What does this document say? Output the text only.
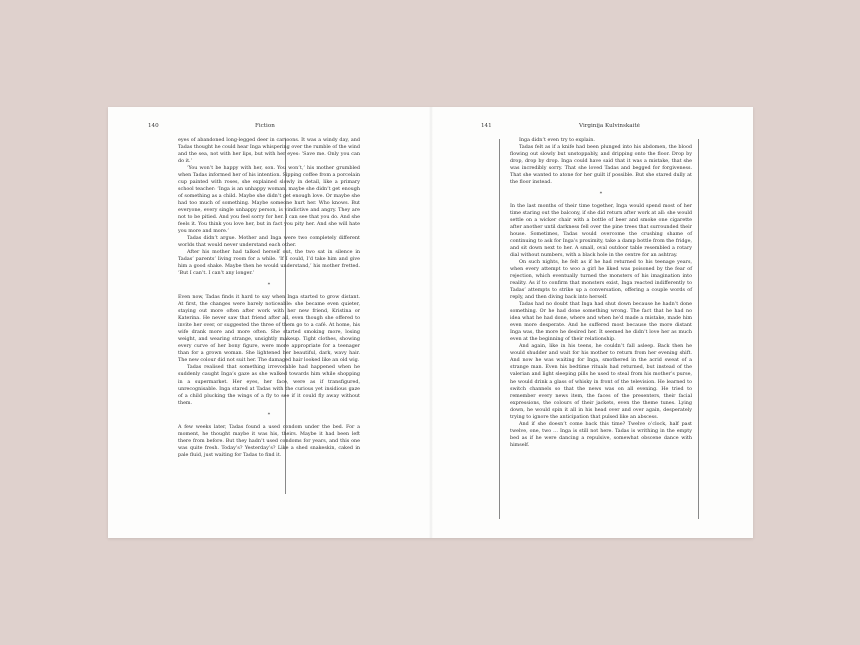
140	Fiction

eyes of abandoned long-legged deer in cartoons. It was a windy day, and Tadas thought he could hear Inga whispering over the rumble of the wind and the sea, not with her lips, but with her eyes: ‘Save me. Only you can do it.’

‘You won’t be happy with her, son. You won’t,’ his mother grumbled when Tadas informed her of his intention. Sipping coffee from a porcelain cup painted with roses, she explained slowly in detail, like a primary school teacher: ‘Inga is an unhappy woman, maybe she didn’t get enough of something as a child. Maybe she didn’t get enough love. Or maybe she had too much of something. Maybe someone hurt her. Who knows. But everyone, every single unhappy person, is vindictive and angry. They are not to be pitied. And you feel sorry for her. I can see that you do. And she feels it. You think you love her, but in fact you pity her. And she will hate you more and more.’

Tadas didn’t argue. Mother and Inga were two completely different worlds that would never understand each other.

After his mother had talked herself out, the two sat in silence in Tadas’ parents’ living room for a while. ‘If I could, I’d take him and give him a good shake. Maybe then he would understand,’ his mother fretted. ‘But I can’t. I can’t any longer.’

*

Even now, Tadas finds it hard to say when Inga started to grow distant. At first, the changes were barely noticeable: she became even quieter, staying out more often after work with her new friend, Kristina or Katerina. He never saw that friend after all, even though she offered to invite her over, or suggested the three of them go to a café. At home, his wife drank more and more often. She started smoking more, losing weight, and wearing strange, unsightly makeup. Tight clothes, showing every curve of her bony figure, were more appropriate for a teenager than for a grown woman. She lightened her beautiful, dark, wavy hair. The new colour did not suit her. The damaged hair looked like an old wig.

Tadas realised that something irrevocable had happened when he suddenly caught Inga’s gaze as she walked towards him while shopping in a supermarket. Her eyes, her face, were as if transfigured, unrecognisable. Inga stared at Tadas with the curious yet insidious gaze of a child plucking the wings of a fly to see if it could fly away without them.

*

A few weeks later, Tadas found a used condom under the bed. For a moment, he thought maybe it was his, theirs. Maybe it had been left there from before. But they hadn’t used condoms for years, and this one was quite fresh. Today’s? Yesterday’s? Like a shed snakeskin, caked in pale fluid, just waiting for Tadas to find it.

141	Virginija Kulvinskaitė

Inga didn’t even try to explain.

Tadas felt as if a knife had been plunged into his abdomen, the blood flowing out slowly but unstoppably, and dripping onto the floor. Drop by drop, drop by drop. Inga could have said that it was a mistake, that she was incredibly sorry. That she loved Tadas and begged for forgiveness. That she wanted to atone for her guilt if possible. But she stared dully at the floor instead.

*

In the last months of their time together, Inga would spend most of her time staring out the balcony, if she did return after work at all: she would settle on a wicker chair with a bottle of beer and smoke one cigarette after another until darkness fell over the pine trees that surrounded their house. Sometimes, Tadas would overcome the crushing shame of continuing to ask for Inga’s proximity, take a damp bottle from the fridge, and sit down next to her. A small, oval outdoor table resembled a rotary dial without numbers, with a black hole in the centre for an ashtray.

On such nights, he felt as if he had returned to his teenage years, when every attempt to woo a girl he liked was poisoned by the fear of rejection, which eventually turned the monsters of his imagination into reality. As if to confirm that monsters exist, Inga reacted indifferently to Tadas’ attempts to strike up a conversation, offering a couple words of reply, and then diving back into herself.

Tadas had no doubt that Inga had shut down because he hadn’t done something. Or he had done something wrong. The fact that he had no idea what he had done, where and when he’d made a mistake, made him even more desperate. And he suffered most because the more distant Inga was, the more he desired her. It seemed he didn’t love her as much even at the beginning of their relationship.

And again, like in his teens, he couldn’t fall asleep. Back then he would shudder and wait for his mother to return from her evening shift. And now he was waiting for Inga, smothered in the acrid sweat of a strange man. Even his bedtime rituals had returned, but instead of the valerian and light sleeping pills he used to steal from his mother’s purse, he would drink a glass of whisky in front of the television. He learned to switch channels so that the news was on all evening. He tried to remember every news item, the faces of the presenters, their facial expressions, the colours of their jackets, even the theme tunes. Lying down, he would spin it all in his head over and over again, desperately trying to ignore the anticipation that pulsed like an abscess.

And if she doesn’t come back this time? Twelve o’clock, half past twelve, one, two … Inga is still not here. Tadas is writhing in the empty bed as if he were dancing a repulsive, somewhat obscene dance with himself.
